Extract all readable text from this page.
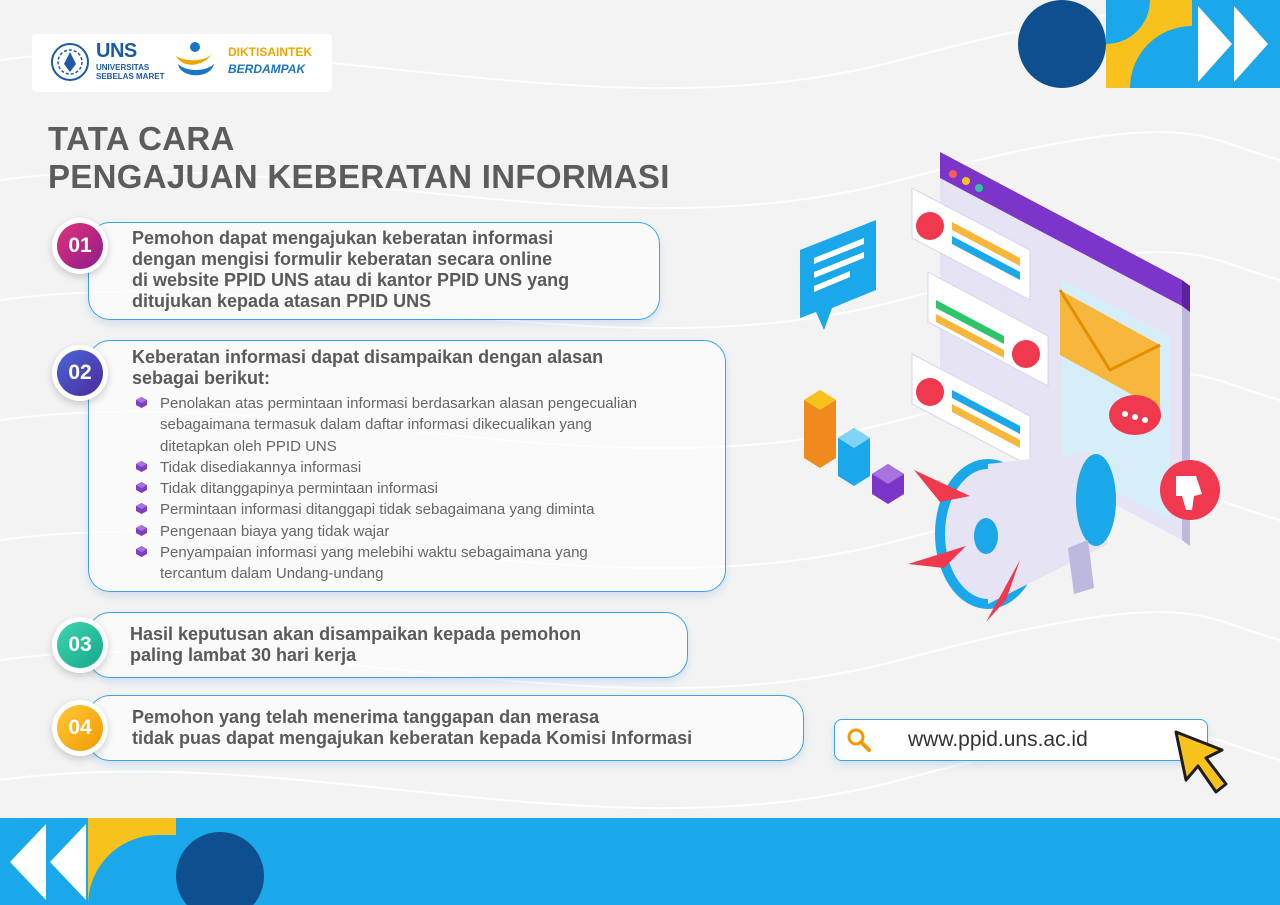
UNS
UNIVERSITAS
SEBELAS MARET
DIKTISAINTEK
BERDAMPAK
TATA CARA
PENGAJUAN KEBERATAN INFORMASI
01	Pemohon dapat mengajukan keberatan informasi
dengan mengisi formulir keberatan secara online
di website PPID UNS atau di kantor PPID UNS yang
ditujukan kepada atasan PPID UNS
02
Keberatan informasi dapat disampaikan dengan alasan
sebagai berikut:
Penolakan atas permintaan informasi berdasarkan alasan pengecualian
sebagaimana termasuk dalam daftar informasi dikecualikan yang
ditetapkan oleh PPID UNS
Tidak disediakannya informasi
Tidak ditanggapinya permintaan informasi
Permintaan informasi ditanggapi tidak sebagaimana yang diminta
Pengenaan biaya yang tidak wajar
Penyampaian informasi yang melebihi waktu sebagaimana yang
tercantum dalam Undang-undang
03	Hasil keputusan akan disampaikan kepada pemohon
paling lambat 30 hari kerja
04	Pemohon yang telah menerima tanggapan dan merasa
tidak puas dapat mengajukan keberatan kepada Komisi Informasi	www.ppid.uns.ac.id
